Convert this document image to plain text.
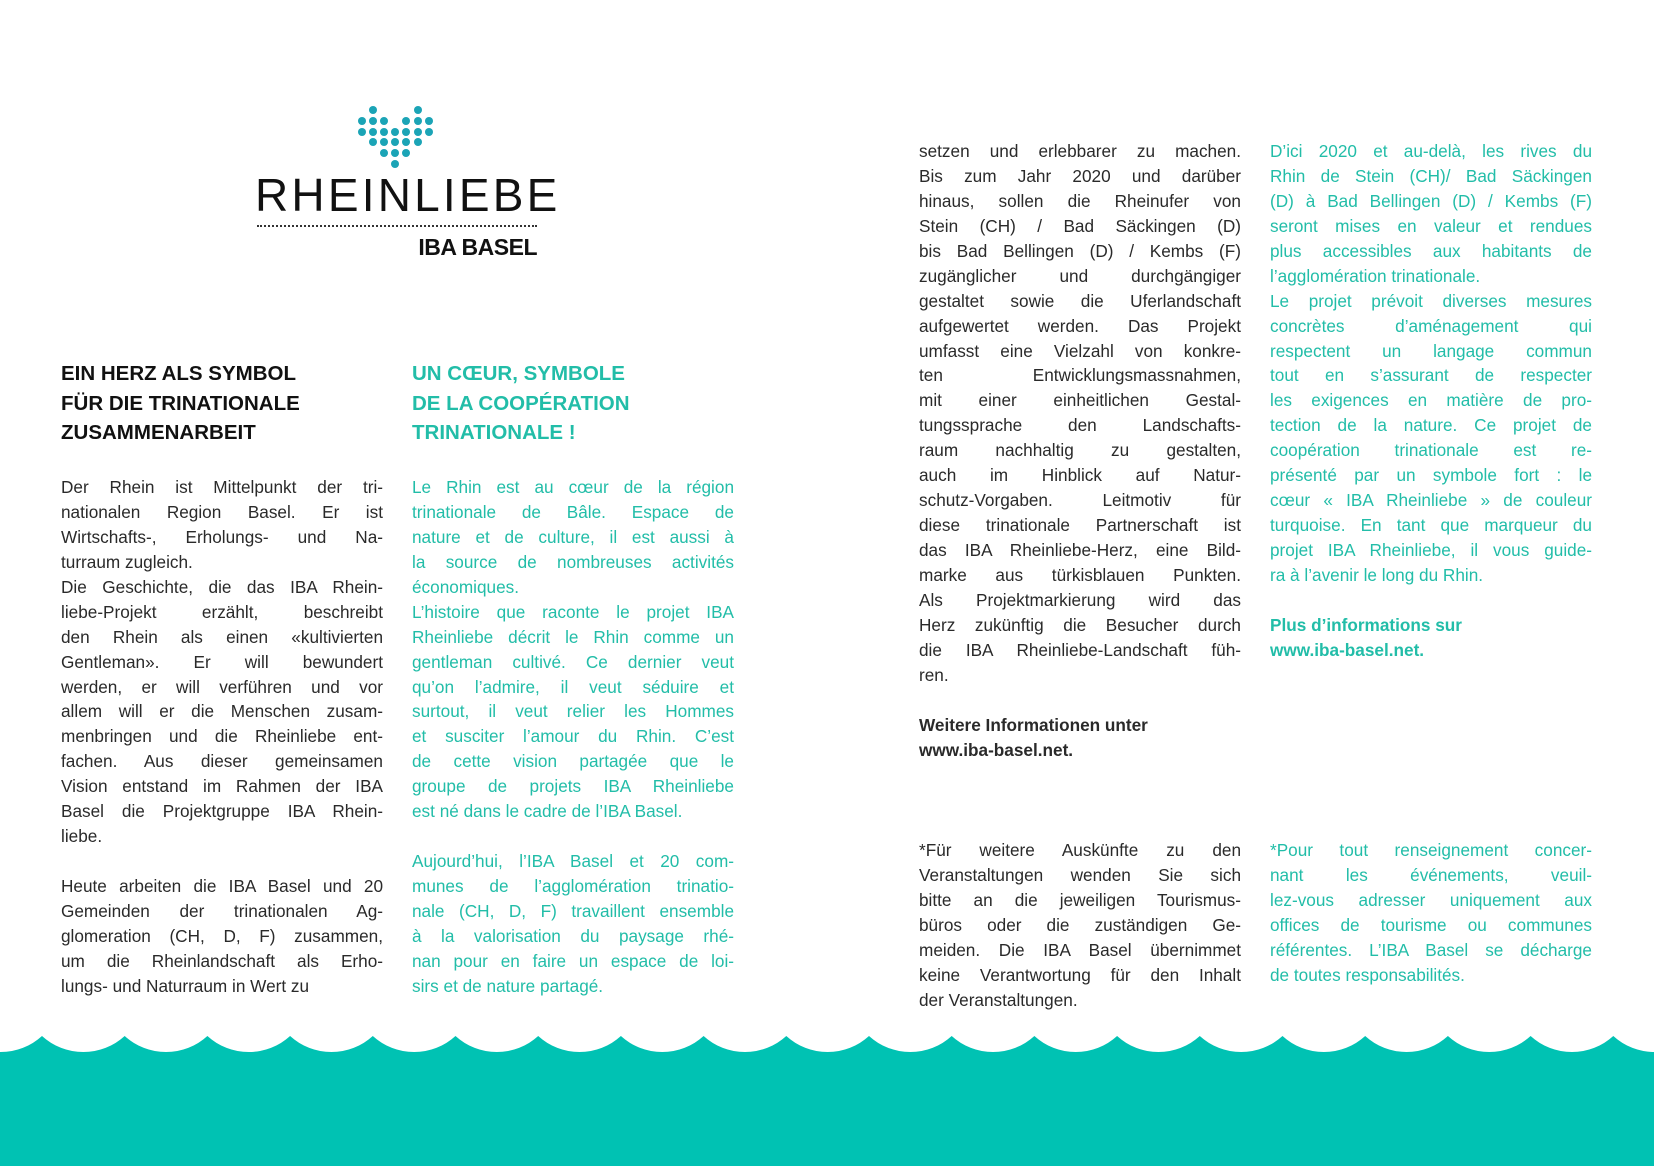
RHEINLIEBE
IBA BASEL
EIN HERZ ALS SYMBOL
FÜR DIE TRINATIONALE
ZUSAMMENARBEIT
UN CŒUR, SYMBOLE
DE LA COOPÉRATION
TRINATIONALE !
Der Rhein ist Mittelpunkt der tri-
nationalen Region Basel. Er ist
Wirtschafts-, Erholungs- und Na-
turraum zugleich.
Die Geschichte, die das IBA Rhein-
liebe-Projekt erzählt, beschreibt
den Rhein als einen «kultivierten
Gentleman». Er will bewundert
werden, er will verführen und vor
allem will er die Menschen zusam-
menbringen und die Rheinliebe ent-
fachen. Aus dieser gemeinsamen
Vision entstand im Rahmen der IBA
Basel die Projektgruppe IBA Rhein-
liebe.
Heute arbeiten die IBA Basel und 20
Gemeinden der trinationalen Ag-
glomeration (CH, D, F) zusammen,
um die Rheinlandschaft als Erho-
lungs- und Naturraum in Wert zu
Le Rhin est au cœur de la région
trinationale de Bâle. Espace de
nature et de culture, il est aussi à
la source de nombreuses activités
économiques.
L’histoire que raconte le projet IBA
Rheinliebe décrit le Rhin comme un
gentleman cultivé. Ce dernier veut
qu’on l’admire, il veut séduire et
surtout, il veut relier les Hommes
et susciter l’amour du Rhin. C’est
de cette vision partagée que le
groupe de projets IBA Rheinliebe
est né dans le cadre de l’IBA Basel.
Aujourd’hui, l’IBA Basel et 20 com-
munes de l’agglomération trinatio-
nale (CH, D, F) travaillent ensemble
à la valorisation du paysage rhé-
nan pour en faire un espace de loi-
sirs et de nature partagé.
setzen und erlebbarer zu machen.
Bis zum Jahr 2020 und darüber
hinaus, sollen die Rheinufer von
Stein (CH) / Bad Säckingen (D)
bis Bad Bellingen (D) / Kembs (F)
zugänglicher und durchgängiger
gestaltet sowie die Uferlandschaft
aufgewertet werden. Das Projekt
umfasst eine Vielzahl von konkre-
ten Entwicklungsmassnahmen,
mit einer einheitlichen Gestal-
tungssprache den Landschafts-
raum nachhaltig zu gestalten,
auch im Hinblick auf Natur-
schutz-Vorgaben. Leitmotiv für
diese trinationale Partnerschaft ist
das IBA Rheinliebe-Herz, eine Bild-
marke aus türkisblauen Punkten.
Als Projektmarkierung wird das
Herz zukünftig die Besucher durch
die IBA Rheinliebe-Landschaft füh-
ren.
Weitere Informationen unter
www.iba-basel.net.
*Für weitere Auskünfte zu den
Veranstaltungen wenden Sie sich
bitte an die jeweiligen Tourismus-
büros oder die zuständigen Ge-
meiden. Die IBA Basel übernimmet
keine Verantwortung für den Inhalt
der Veranstaltungen.
D’ici 2020 et au-delà, les rives du
Rhin de Stein (CH)/ Bad Säckingen
(D) à Bad Bellingen (D) / Kembs (F)
seront mises en valeur et rendues
plus accessibles aux habitants de
l’agglomération trinationale.
Le projet prévoit diverses mesures
concrètes d’aménagement qui
respectent un langage commun
tout en s’assurant de respecter
les exigences en matière de pro-
tection de la nature. Ce projet de
coopération trinationale est re-
présenté par un symbole fort : le
cœur « IBA Rheinliebe » de couleur
turquoise. En tant que marqueur du
projet IBA Rheinliebe, il vous guide-
ra à l’avenir le long du Rhin.
Plus d’informations sur
www.iba-basel.net.
*Pour tout renseignement concer-
nant les événements, veuil-
lez-vous adresser uniquement aux
offices de tourisme ou communes
référentes. L’IBA Basel se décharge
de toutes responsabilités.
